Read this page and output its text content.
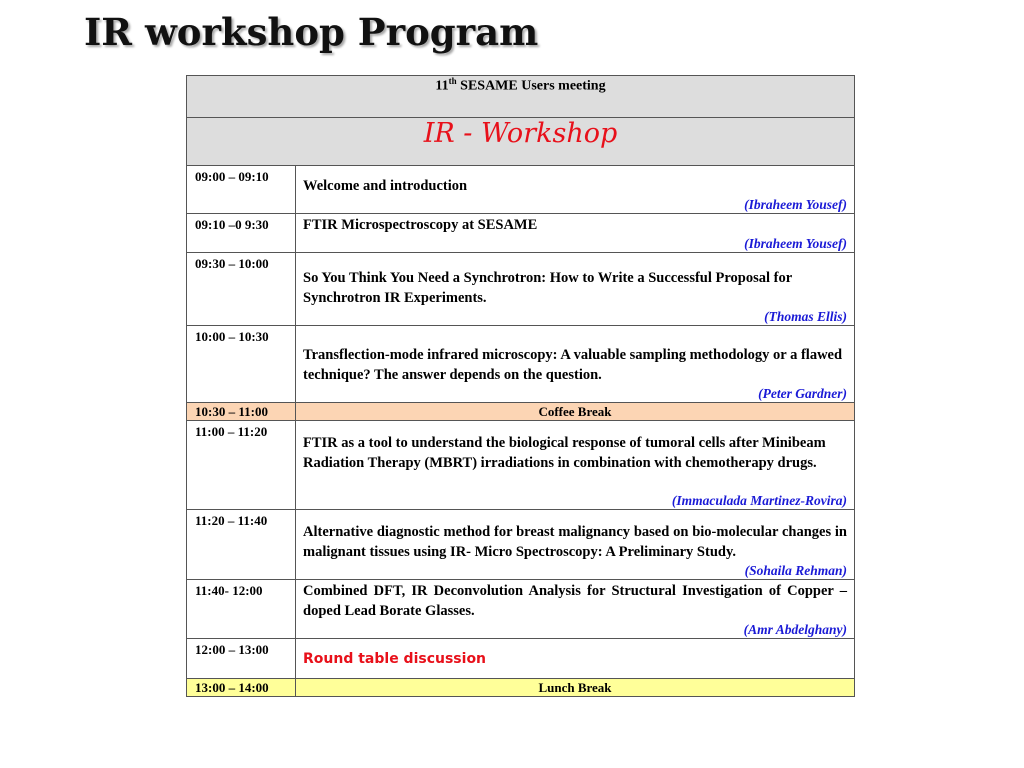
IR workshop Program
11th SESAME Users meeting	
IR - Workshop	
09:00 – 09:10	Welcome and introduction
(Ibraheem Yousef)

09:10 –0 9:30	FTIR Microspectroscopy at SESAME
(Ibraheem Yousef)

09:30 – 10:00	So You Think You Need a Synchrotron: How to Write a Successful Proposal for Synchrotron IR Experiments.
(Thomas Ellis)

10:00 – 10:30	Transflection-mode infrared microscopy: A valuable sampling methodology or a flawed technique? The answer depends on the question.
(Peter Gardner)

10:30 – 11:00	Coffee Break
11:00 – 11:20	FTIR as a tool to understand the biological response of tumoral cells after Minibeam Radiation Therapy (MBRT) irradiations in combination with chemotherapy drugs.
(Immaculada Martinez-Rovira)

11:20 – 11:40	Alternative diagnostic method for breast malignancy based on bio-molecular changes in malignant tissues using IR- Micro Spectroscopy: A Preliminary Study.
(Sohaila Rehman)

11:40- 12:00	Combined DFT, IR Deconvolution Analysis for Structural Investigation of Copper –doped Lead Borate Glasses.
(Amr Abdelghany)

12:00 – 13:00	Round table discussion

13:00 – 14:00	Lunch Break
